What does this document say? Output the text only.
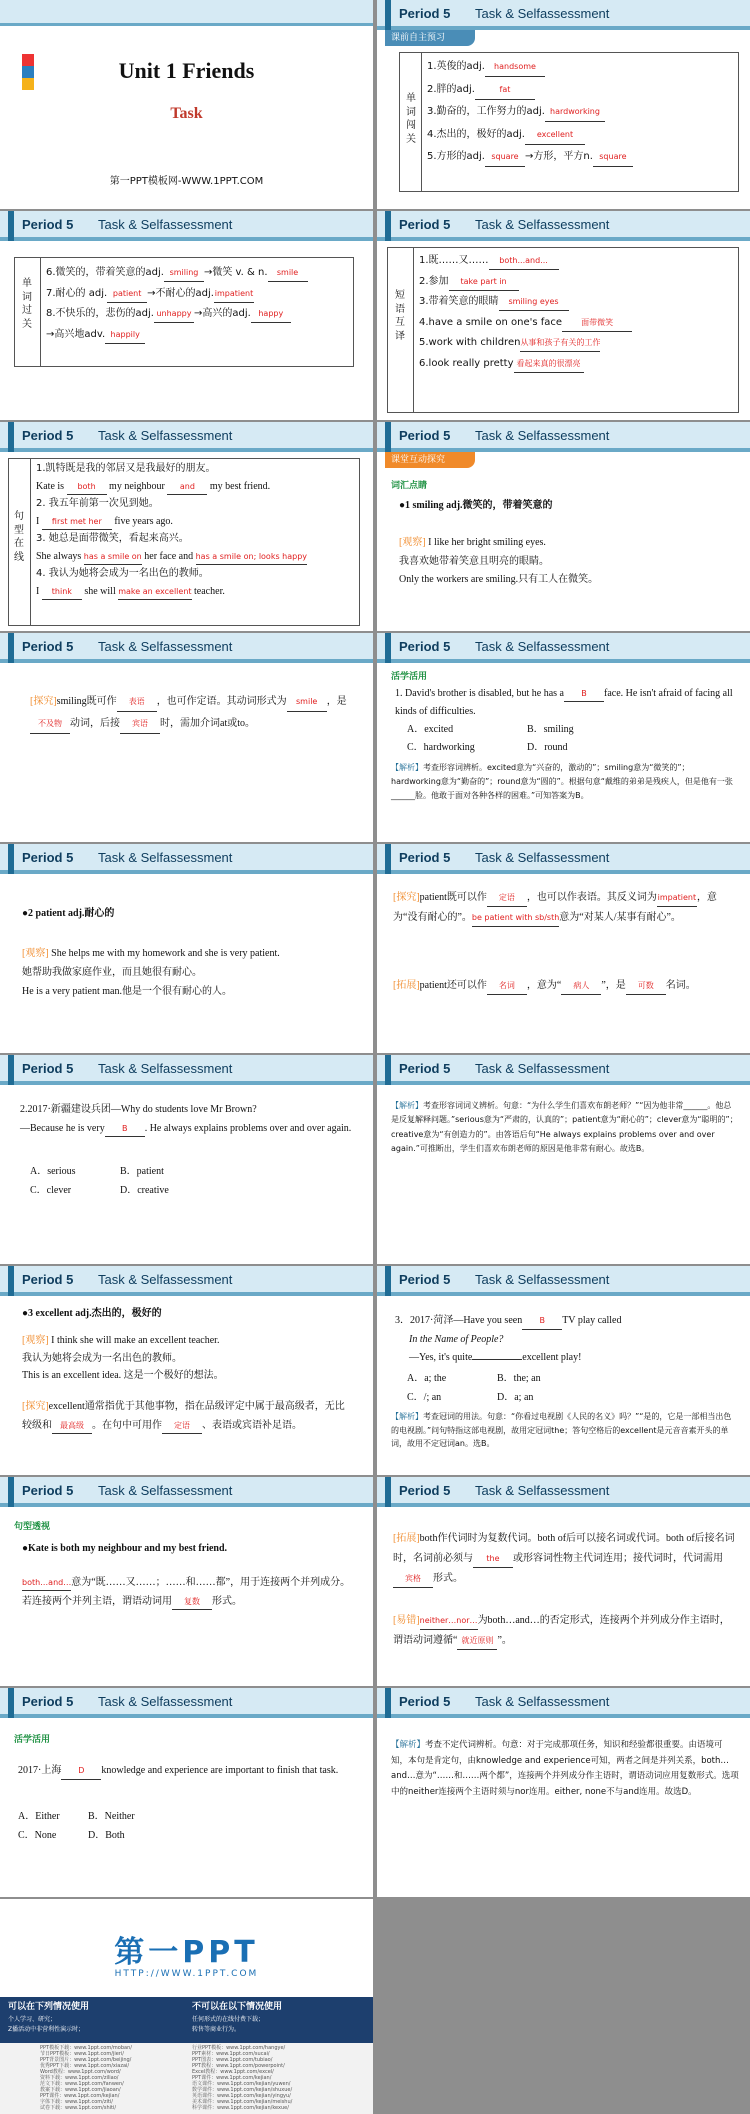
Unit 1 Friends
Task
第一PPT模板网-WWW.1PPT.COM
Period 5 Task & Selfassessment
课前自主预习
单词闯关
1.英俊的adj. handsome
2.胖的adj.	fat
3.勤奋的，工作努力的adj. hardworking
4.杰出的，极好的adj. excellent
5.方形的adj. square →方形，平方n. square
Period 5 Task & Selfassessment
单词过关
6.微笑的，带着笑意的adj. smiling →微笑 v. & n. smile
7.耐心的 adj. patient →不耐心的adj.impatient
8.不快乐的，悲伤的adj. unhappy →高兴的adj. happy
→高兴地adv. happily
Period 5 Task & Selfassessment
短语互译
1.既……又…… both...and...
2.参加 take part in
3.带着笑意的眼睛 smiling eyes
4.have a smile on one's face 面带微笑
5.work with children从事和孩子有关的工作
6.look really pretty 看起来真的很漂亮
Period 5 Task & Selfassessment
句型在线
1.凯特既是我的邻居又是我最好的朋友。
Kate is both my neighbour and my best friend.
2. 我五年前第一次见到她。
I first met her five years ago.
3. 她总是面带微笑，看起来高兴。
She always has a smile on her face and has a smile on; looks happy
4. 我认为她将会成为一名出色的教师。
I think she will make an excellent teacher.
Period 5 Task & Selfassessment
课堂互动探究
词汇点睛
●1 smiling adj.微笑的，带着笑意的
[观察] I like her bright smiling eyes.
我喜欢她带着笑意且明亮的眼睛。
Only the workers are smiling.只有工人在微笑。
Period 5 Task & Selfassessment
[探究]smiling既可作 表语 ，也可作定语。其动词形式为 smile ，是不及物 动词，后接 宾语 时，需加介词at或to。
Period 5 Task & Selfassessment
活学活用
1. David's brother is disabled, but he has a B face. He isn't afraid of facing all kinds of difficulties.
A．excited	B．smiling
C．hardworking	D．round
【解析】考查形容词辨析。excited意为“兴奋的，激动的”；smiling意为“微笑的”；hardworking意为“勤奋的”；round意为“圆的”。根据句意“戴维的弟弟是残疾人，但是他有一张______脸。他敢于面对各种各样的困难。”可知答案为B。
Period 5 Task & Selfassessment
●2 patient adj.耐心的
[观察] She helps me with my homework and she is very patient.
她帮助我做家庭作业，而且她很有耐心。
He is a very patient man.他是一个很有耐心的人。
Period 5 Task & Selfassessment
[探究]patient既可以作 定语 ，也可以作表语。其反义词为impatient，意为“没有耐心的”。be patient with sb/sth意为“对某人/某事有耐心”。
[拓展]patient还可以作 名词 ，意为“ 病人 ”，是 可数 名词。
Period 5 Task & Selfassessment
2.2017·新疆建设兵团—Why do students love Mr Brown?
—Because he is very B . He always explains problems over and over again.
A．serious	B．patient
C．clever	D．creative
Period 5 Task & Selfassessment
【解析】考查形容词词义辨析。句意：“为什么学生们喜欢布朗老师？”“因为他非常______。他总是反复解释问题。”serious意为“严肃的，认真的”；patient意为“耐心的”；clever意为“聪明的”；creative意为“有创造力的”。由答语后句“He always explains problems over and over again.”可推断出，学生们喜欢布朗老师的原因是他非常有耐心。故选B。
Period 5 Task & Selfassessment
●3 excellent adj.杰出的，极好的
[观察] I think she will make an excellent teacher.
我认为她将会成为一名出色的教师。
This is an excellent idea. 这是一个极好的想法。
[探究]excellent通常指优于其他事物，指在品级评定中属于最高级者，无比较级和 最高级 。在句中可用作 定语 、表语或宾语补足语。
Period 5 Task & Selfassessment
3．2017·菏泽—Have you seen B TV play called
In the Name of People?
—Yes, it's quite	excellent play!
A．a; the	B．the; an
C．/; an	D．a; an
【解析】考查冠词的用法。句意：“你看过电视剧《人民的名义》吗？”“是的，它是一部相当出色的电视剧。”问句特指这部电视剧，故用定冠词the；答句空格后的excellent是元音音素开头的单词，故用不定冠词an。选B。
Period 5 Task & Selfassessment
句型透视
●Kate is both my neighbour and my best friend.
both…and…意为“既……又……；……和……都”，用于连接两个并列成分。若连接两个并列主语，谓语动词用 复数 形式。
Period 5 Task & Selfassessment
[拓展]both作代词时为复数代词。both of后可以接名词或代词。both of后接名词时，名词前必须与 the 或形容词性物主代词连用；接代词时，代词需用宾格 形式。
[易错]neither…nor…为both…and…的否定形式，连接两个并列成分作主语时，谓语动词遵循“ 就近原则 ”。
Period 5 Task & Selfassessment
活学活用
2017·上海 D knowledge and experience are important to finish that task.
A．Either	B．Neither
C．None	D．Both
Period 5 Task & Selfassessment
【解析】考查不定代词辨析。句意：对于完成那项任务，知识和经验都很重要。由语境可知，本句是肯定句，由knowledge and experience可知，两者之间是并列关系，both…and…意为“……和……两个都”，连接两个并列成分作主语时，谓语动词应用复数形式。选项中的neither连接两个主语时须与nor连用。either, none不与and连用。故选D。
第一PPT
HTTP://WWW.1PPT.COM
可以在下列情况使用	不可以在以下情况使用
个人学习、研究；
Z播活动中非营利性演示时；
任何形式的在线付费下载；
转售等商业行为。
PPT模板下载：www.1ppt.com/moban/
节日PPT模板：www.1ppt.com/jieri/
PPT背景图片：www.1ppt.com/beijing/
优秀PPT下载：www.1ppt.com/xiazai/
Word教程：www.1ppt.com/word/
资料下载：www.1ppt.com/ziliao/
范文下载：www.1ppt.com/fanwen/
教案下载：www.1ppt.com/jiaoan/
PPT课件：www.1ppt.com/kejian/
字体下载：www.1ppt.com/ziti/
试卷下载：www.1ppt.com/shiti/
行业PPT模板：www.1ppt.com/hangye/
PPT素材：www.1ppt.com/sucai/
PPT图表：www.1ppt.com/tubiao/
PPT教程：www.1ppt.com/powerpoint/
Excel教程：www.1ppt.com/excel/
PPT课件：www.1ppt.com/kejian/
语文课件：www.1ppt.com/kejian/yuwen/
数学课件：www.1ppt.com/kejian/shuxue/
英语课件：www.1ppt.com/kejian/yingyu/
美术课件：www.1ppt.com/kejian/meishu/
科学课件：www.1ppt.com/kejian/kexue/
